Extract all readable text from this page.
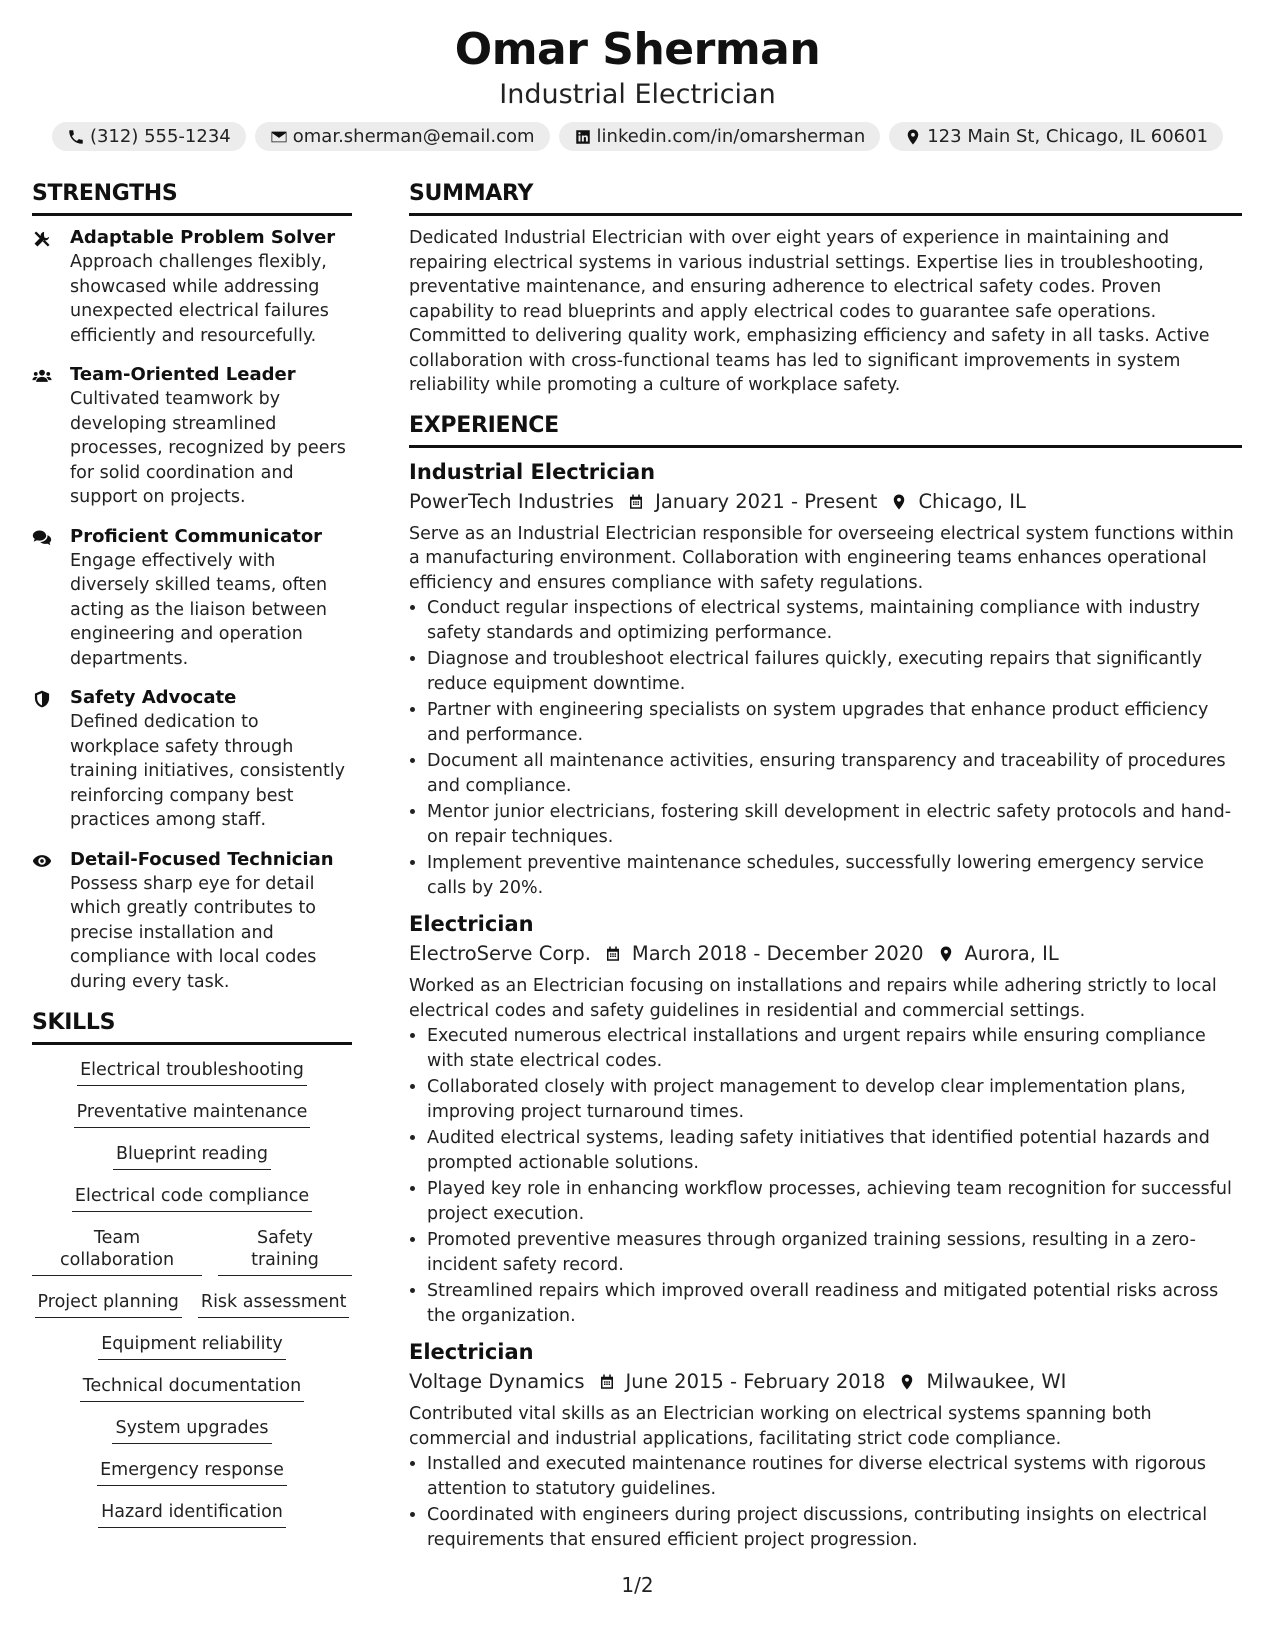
Omar Sherman
Industrial Electrician
(312) 555-1234	omar.sherman@email.com	linkedin.com/in/omarsherman	123 Main St, Chicago, IL 60601
STRENGTHS
Adaptable Problem Solver
Approach challenges flexibly, showcased while addressing unexpected electrical failures efficiently and resourcefully.
Team-Oriented Leader
Cultivated teamwork by developing streamlined processes, recognized by peers for solid coordination and support on projects.
Proficient Communicator
Engage effectively with diversely skilled teams, often acting as the liaison between engineering and operation departments.
Safety Advocate
Defined dedication to workplace safety through training initiatives, consistently reinforcing company best practices among staff.
Detail-Focused Technician
Possess sharp eye for detail which greatly contributes to precise installation and compliance with local codes during every task.
SKILLS
Electrical troubleshooting
Preventative maintenance
Blueprint reading
Electrical code compliance
Team collaboration
Safety training
Project planning Risk assessment
Equipment reliability
Technical documentation
System upgrades
Emergency response
Hazard identification
SUMMARY
Dedicated Industrial Electrician with over eight years of experience in maintaining and repairing electrical systems in various industrial settings. Expertise lies in troubleshooting, preventative maintenance, and ensuring adherence to electrical safety codes. Proven capability to read blueprints and apply electrical codes to guarantee safe operations. Committed to delivering quality work, emphasizing efficiency and safety in all tasks. Active collaboration with cross-functional teams has led to significant improvements in system reliability while promoting a culture of workplace safety.
EXPERIENCE
Industrial Electrician
PowerTech Industries January 2021 - Present Chicago, IL
Serve as an Industrial Electrician responsible for overseeing electrical system functions within a manufacturing environment. Collaboration with engineering teams enhances operational efficiency and ensures compliance with safety regulations.
• Conduct regular inspections of electrical systems, maintaining compliance with industry safety standards and optimizing performance.
• Diagnose and troubleshoot electrical failures quickly, executing repairs that significantly reduce equipment downtime.
• Partner with engineering specialists on system upgrades that enhance product efficiency and performance.
• Document all maintenance activities, ensuring transparency and traceability of procedures and compliance.
• Mentor junior electricians, fostering skill development in electric safety protocols and hand-on repair techniques.
• Implement preventive maintenance schedules, successfully lowering emergency service calls by 20%.
Electrician
ElectroServe Corp. March 2018 - December 2020 Aurora, IL
Worked as an Electrician focusing on installations and repairs while adhering strictly to local electrical codes and safety guidelines in residential and commercial settings.
• Executed numerous electrical installations and urgent repairs while ensuring compliance with state electrical codes.
• Collaborated closely with project management to develop clear implementation plans, improving project turnaround times.
• Audited electrical systems, leading safety initiatives that identified potential hazards and prompted actionable solutions.
• Played key role in enhancing workflow processes, achieving team recognition for successful project execution.
• Promoted preventive measures through organized training sessions, resulting in a zero-incident safety record.
• Streamlined repairs which improved overall readiness and mitigated potential risks across the organization.
Electrician
Voltage Dynamics June 2015 - February 2018 Milwaukee, WI
Contributed vital skills as an Electrician working on electrical systems spanning both commercial and industrial applications, facilitating strict code compliance.
• Installed and executed maintenance routines for diverse electrical systems with rigorous attention to statutory guidelines.
• Coordinated with engineers during project discussions, contributing insights on electrical requirements that ensured efficient project progression.
1/2
